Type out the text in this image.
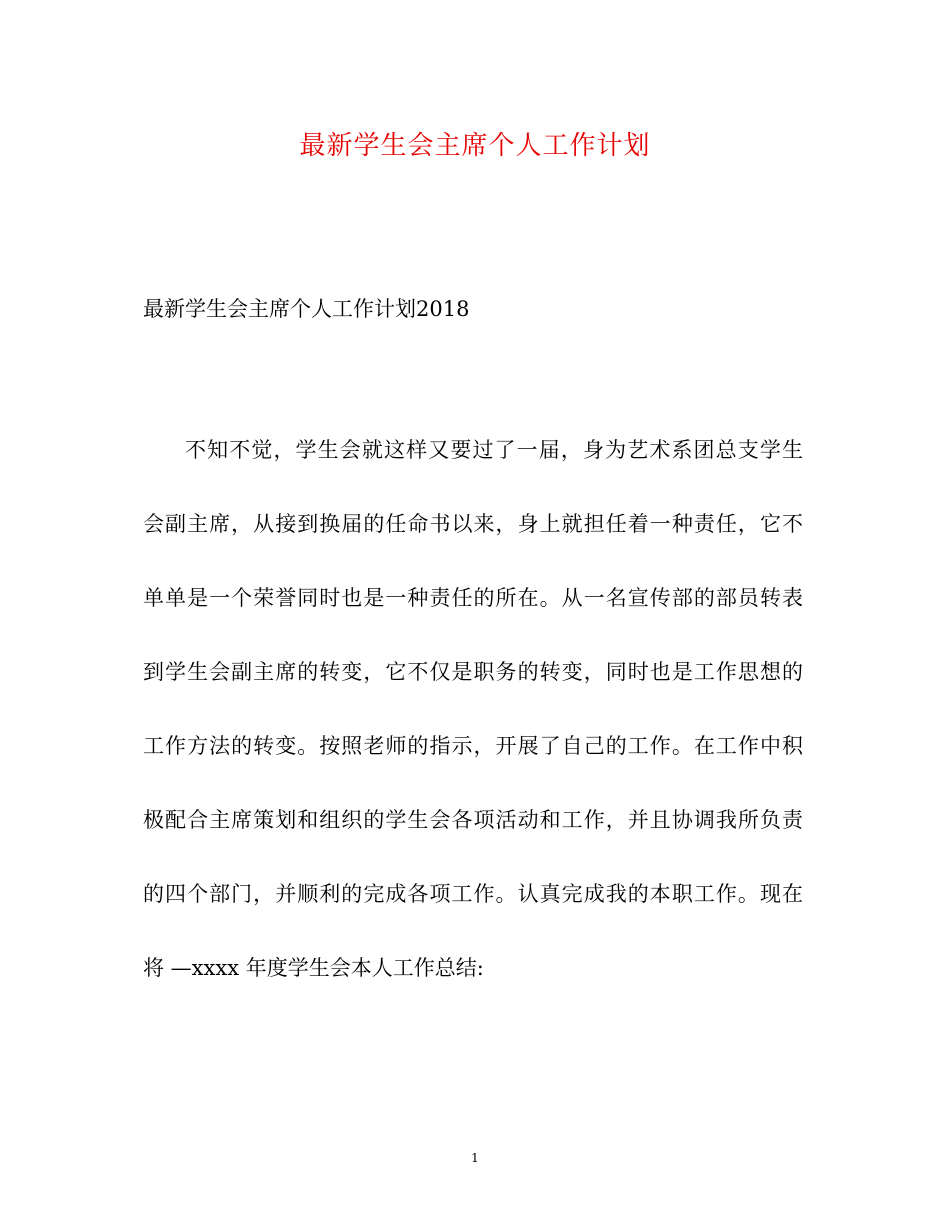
最新学生会主席个人工作计划
最新学生会主席个人工作计划2018
不知不觉，学生会就这样又要过了一届，身为艺术系团总支学生
会副主席，从接到换届的任命书以来，身上就担任着一种责任，它不
单单是一个荣誉同时也是一种责任的所在。从一名宣传部的部员转表
到学生会副主席的转变，它不仅是职务的转变，同时也是工作思想的
工作方法的转变。按照老师的指示，开展了自己的工作。在工作中积
极配合主席策划和组织的学生会各项活动和工作，并且协调我所负责
的四个部门，并顺利的完成各项工作。认真完成我的本职工作。现在
将 —xxxx 年度学生会本人工作总结:
1
